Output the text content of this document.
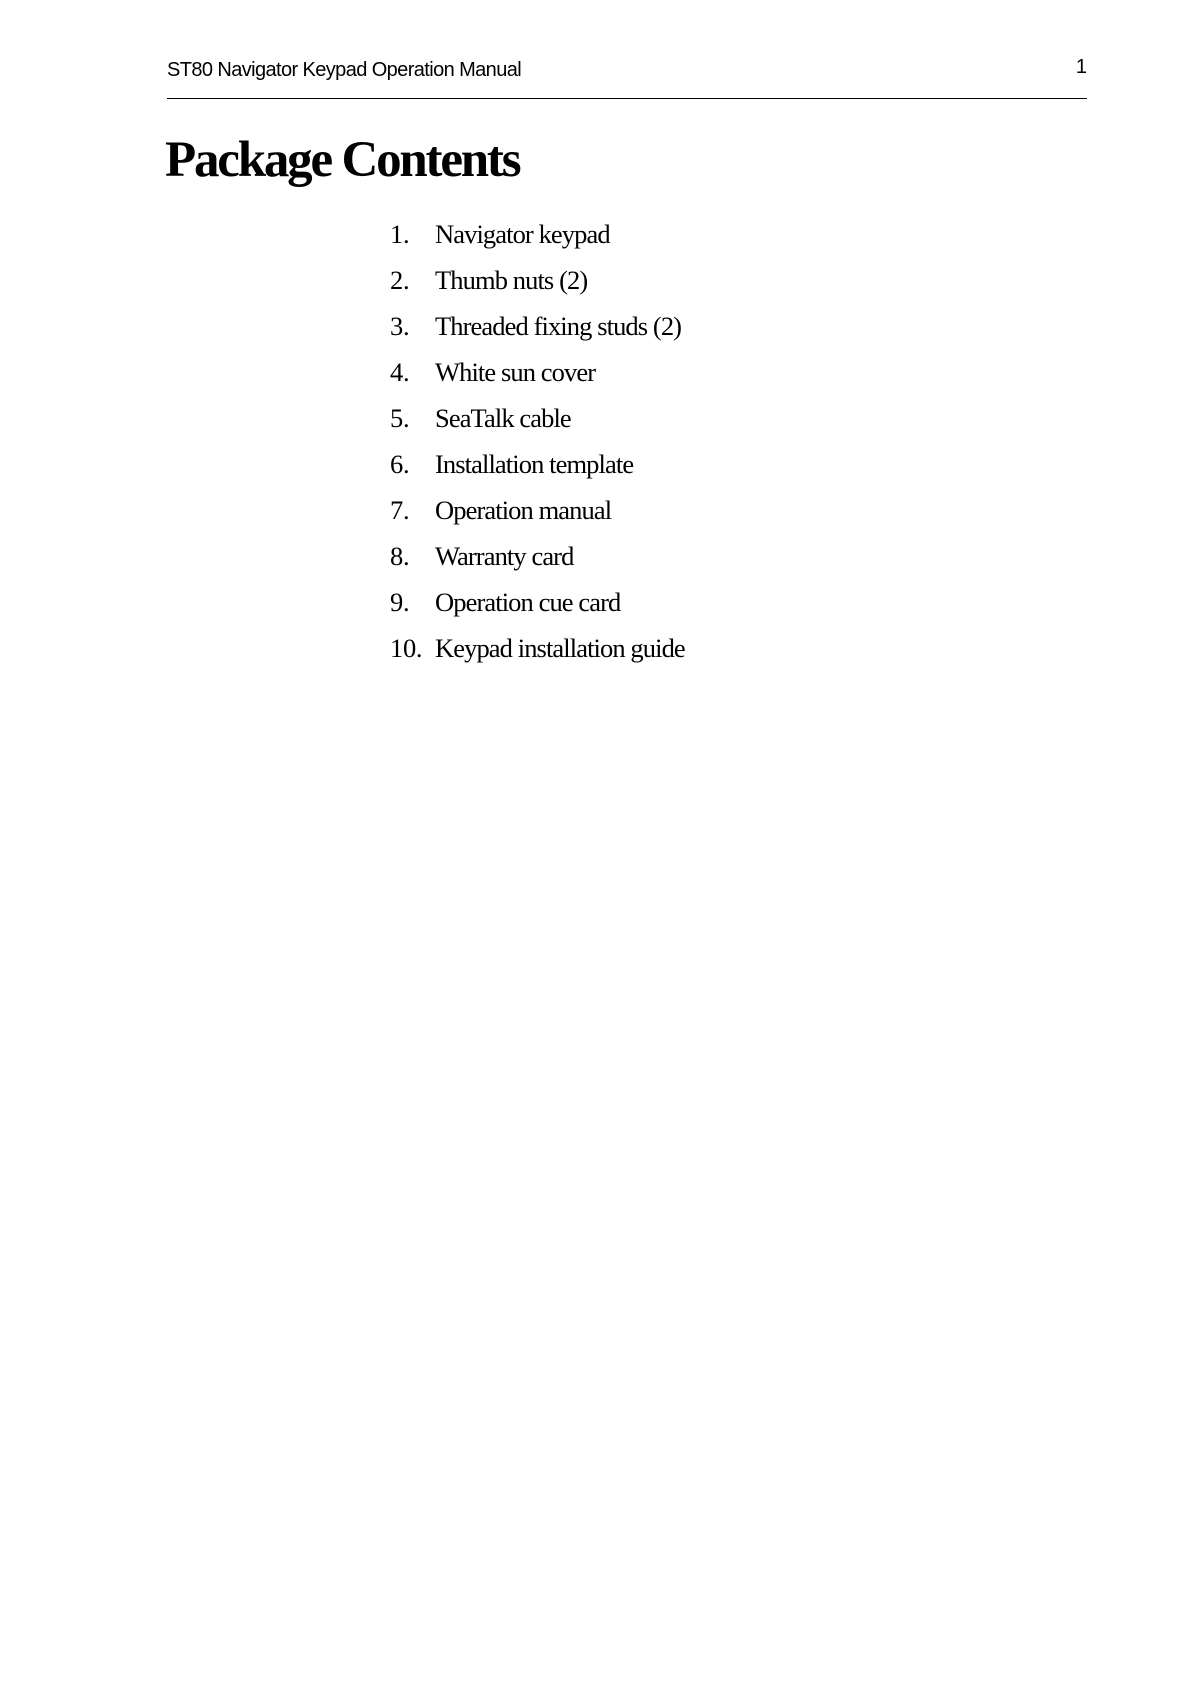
ST80 Navigator Keypad Operation Manual	1
Package Contents
1. Navigator keypad
2. Thumb nuts (2)
3. Threaded fixing studs (2)
4. White sun cover
5. SeaTalk cable
6. Installation template
7. Operation manual
8. Warranty card
9. Operation cue card
10. Keypad installation guide
